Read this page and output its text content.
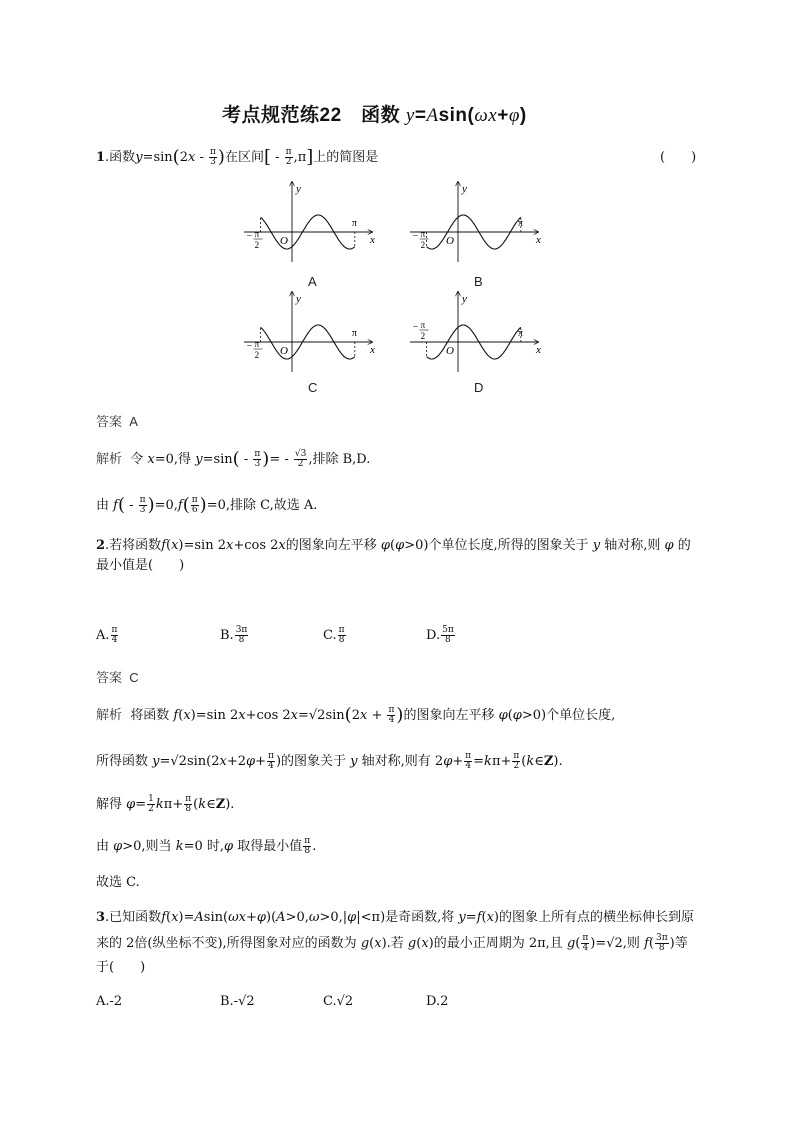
考点规范练22　函数 y=Asin(ωx+φ)
1.函数$y=\sin(2x - \frac{\pi}{3}$ )在区间[ - $\frac{\pi}{2} ,\pi$]上的简图是	(　　)
y
x
O
− π
2
π
y
x
O
− π
2
π
y
x
O
− π
2
π
y
x
O
− π
2	π
A	B
C	D
答案 A
解析  令 x=0,得 $y=\sin( - \frac{\pi}{3}$ )= - $\frac{√3}{2}$ ,排除 B,D.
由 $f( - \frac{\pi}{3} )=0,f( \frac{\pi}{6} )=0$,排除 C,故选 A.
2.若将函数f(x)=sin 2x+cos 2x的图象向左平移 φ(φ>0)个单位长度,所得的图象关于 y 轴对称,则 φ 的
最小值是(　　)
A. $\frac{\pi}{4}$	B. $\frac{3\pi}{8}$	C. $\frac{\pi}{8}$	D. $\frac{5\pi}{8}$
答案 C
解析  将函数 f(x)=sin 2x+cos $2x=√2\sin(2x + \frac{\pi}{4}$ )的图象向左平移 φ(φ>0)个单位长度,
所得函数 $y=√2\sin(2x+2\varphi+ \frac{\pi}{4}$ )的图象关于 y 轴对称,则有 $2\varphi+ \frac{\pi}{4} =k\pi+ \frac{\pi}{2}$ (k∈Z).
解得 $\varphi= \frac{1}{2} k\pi+ \frac{\pi}{8}$ (k∈Z).
由 φ>0,则当 k=0 时,φ 取得最小值 $\frac{\pi}{8}$ .
故选 C.
3.已知函数f(x)=Asin(ωx+φ)(A>0,ω>0,|φ|<π)是奇函数,将 y=f(x)的图象上所有点的横坐标伸长到原
来的 2倍(纵坐标不变),所得图象对应的函数为 g(x).若 g(x)的最小正周期为 2π,且 $g( \frac{\pi}{4} )=√2$,则 $f( \frac{3\pi}{8}$ )等
于(　　)
A.-2	B.-√2	C.√2	D.2
